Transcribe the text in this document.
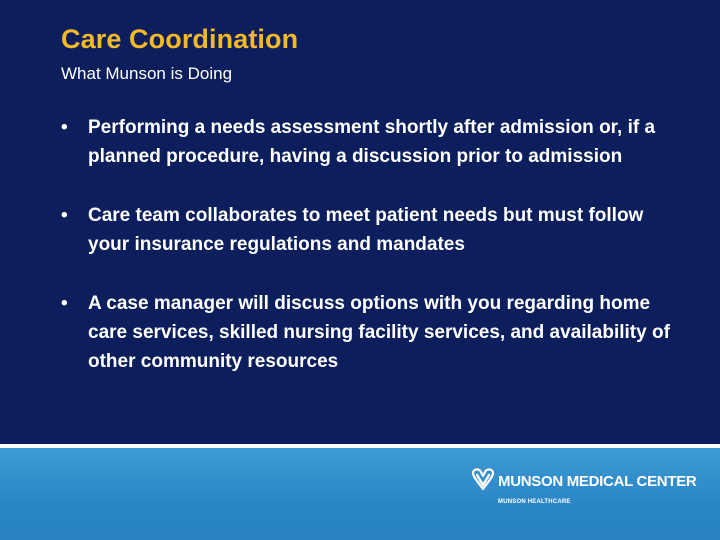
Care Coordination
What Munson is Doing
• Performing a needs assessment shortly after admission or, if a planned procedure, having a discussion prior to admission
• Care team collaborates to meet patient needs but must follow your insurance regulations and mandates
• A case manager will discuss options with you regarding home care services, skilled nursing facility services, and availability of other community resources
MUNSON MEDICAL CENTER
MUNSON HEALTHCARE
